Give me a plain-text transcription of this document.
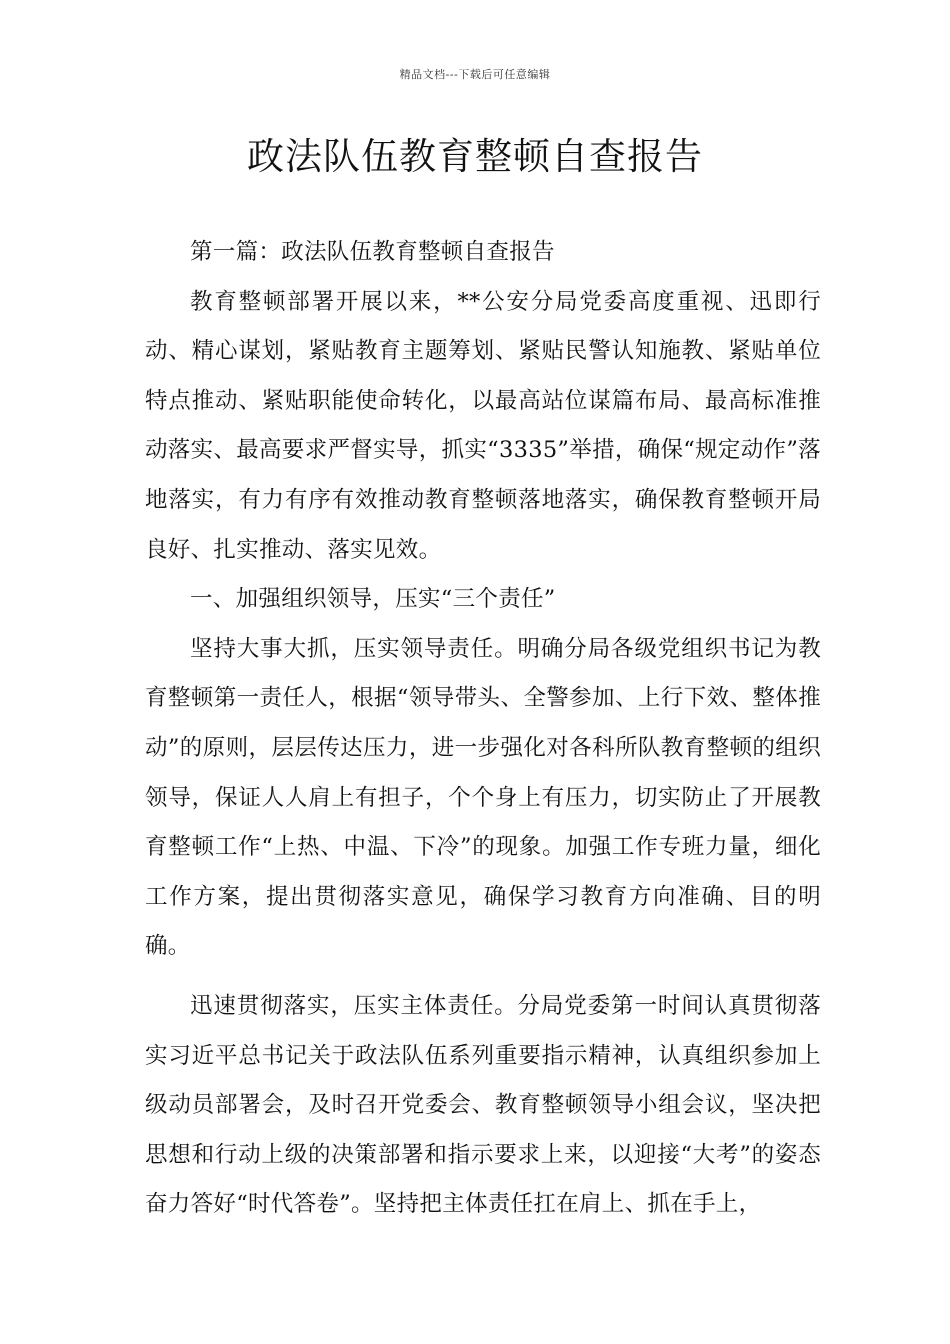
精品文档---下载后可任意编辑
政法队伍教育整顿自查报告

第一篇：政法队伍教育整顿自查报告

教育整顿部署开展以来，**公安分局党委高度重视、迅即行动、精心谋划，紧贴教育主题筹划、紧贴民警认知施教、紧贴单位特点推动、紧贴职能使命转化，以最高站位谋篇布局、最高标准推动落实、最高要求严督实导，抓实“3335”举措，确保“规定动作”落地落实，有力有序有效推动教育整顿落地落实，确保教育整顿开局良好、扎实推动、落实见效。

一、加强组织领导，压实“三个责任”

坚持大事大抓，压实领导责任。明确分局各级党组织书记为教育整顿第一责任人，根据“领导带头、全警参加、上行下效、整体推动”的原则，层层传达压力，进一步强化对各科所队教育整顿的组织领导，保证人人肩上有担子，个个身上有压力，切实防止了开展教育整顿工作“上热、中温、下冷”的现象。加强工作专班力量，细化工作方案，提出贯彻落实意见，确保学习教育方向准确、目的明确。

迅速贯彻落实，压实主体责任。分局党委第一时间认真贯彻落实习近平总书记关于政法队伍系列重要指示精神，认真组织参加上级动员部署会，及时召开党委会、教育整顿领导小组会议，坚决把思想和行动上级的决策部署和指示要求上来，以迎接“大考”的姿态奋力答好“时代答卷”。坚持把主体责任扛在肩上、抓在手上，
